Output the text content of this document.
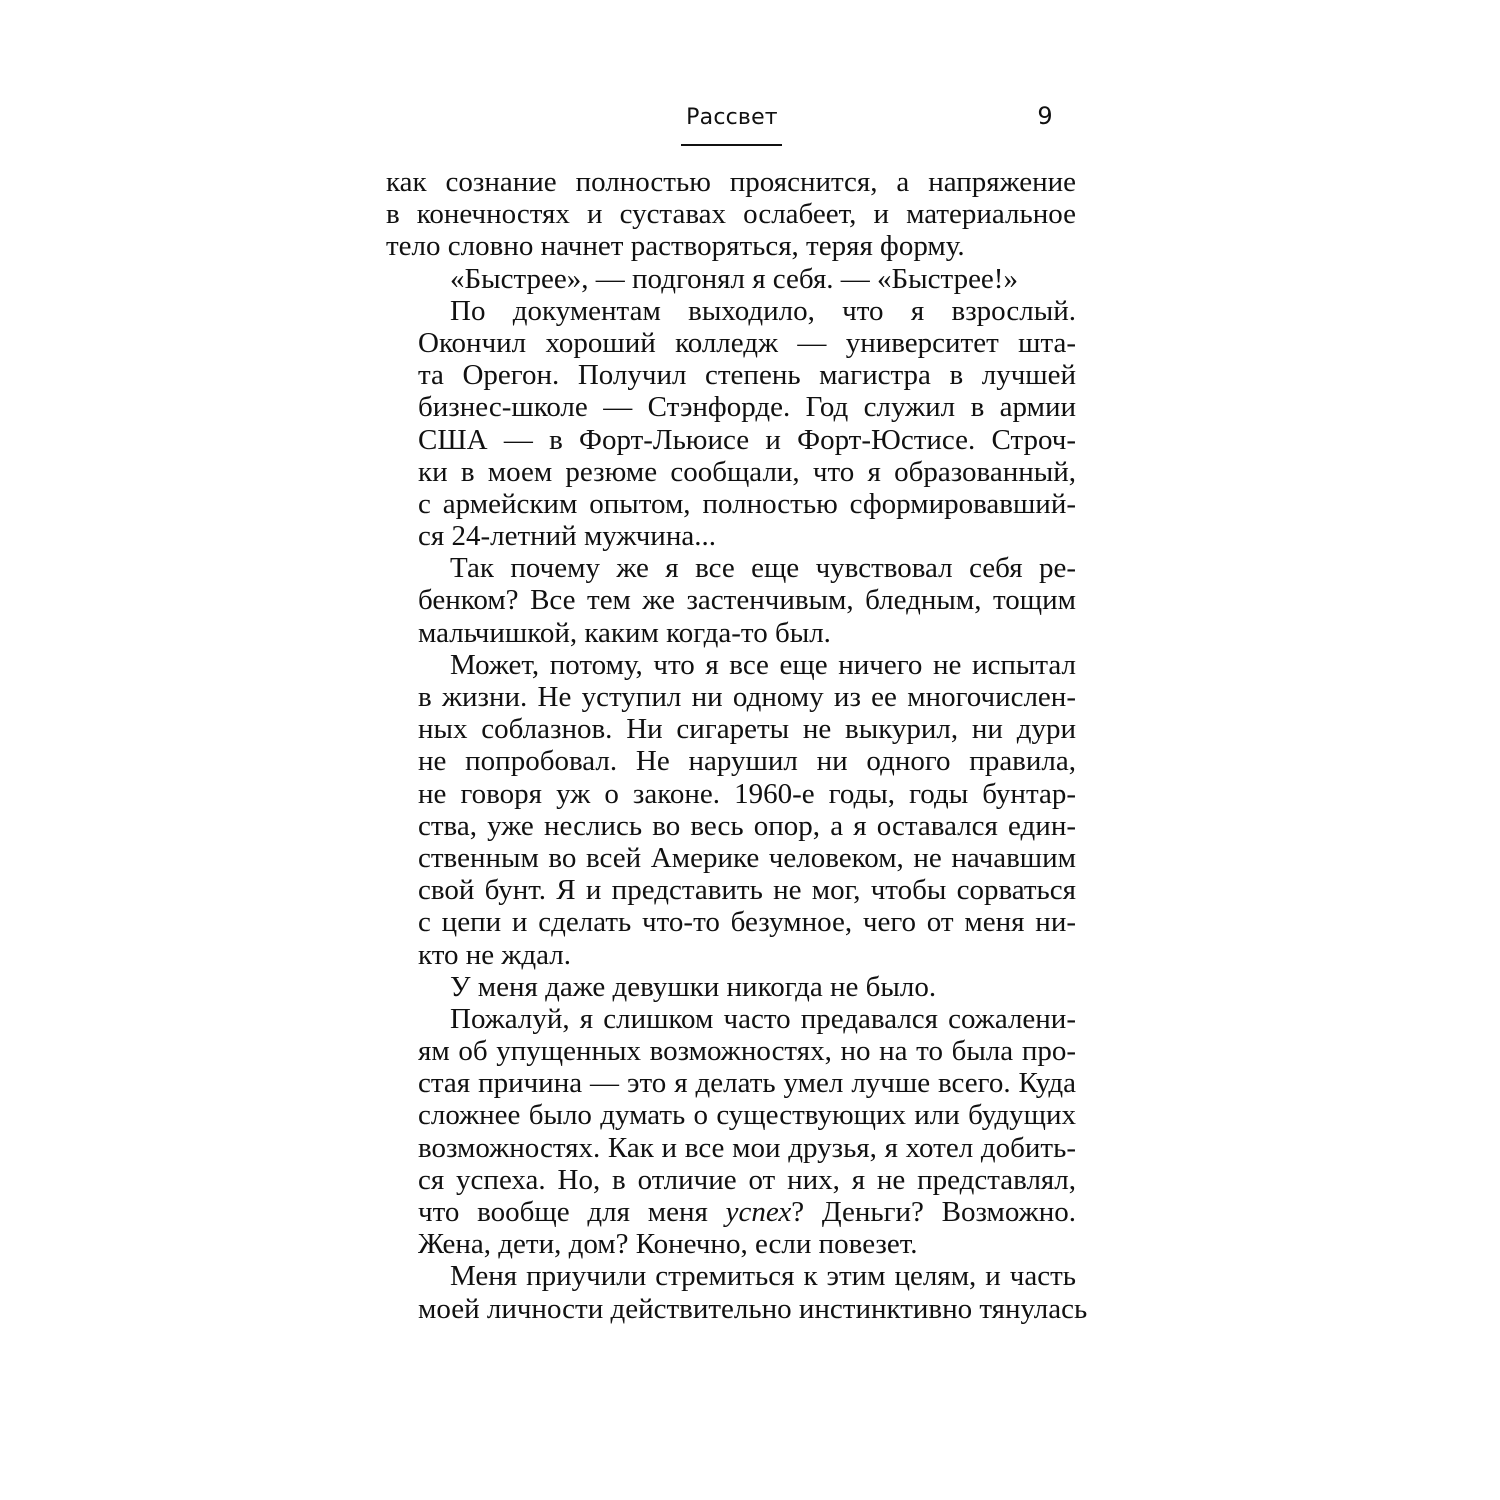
Рассвет	9
как сознание полностью прояснится, а напряжение
в конечностях и суставах ослабеет, и материальное
тело словно начнет растворяться, теряя форму.
«Быстрее», — подгонял я себя. — «Быстрее!»
По документам выходило, что я взрослый.
Окончил хороший колледж — университет шта-
та Орегон. Получил степень магистра в лучшей
бизнес-школе — Стэнфорде. Год служил в армии
США — в Форт-Льюисе и Форт-Юстисе. Строч-
ки в моем резюме сообщали, что я образованный,
с армейским опытом, полностью сформировавший-
ся 24-летний мужчина...
Так почему же я все еще чувствовал себя ре-
бенком? Все тем же застенчивым, бледным, тощим
мальчишкой, каким когда-то был.
Может, потому, что я все еще ничего не испытал
в жизни. Не уступил ни одному из ее многочислен-
ных соблазнов. Ни сигареты не выкурил, ни дури
не попробовал. Не нарушил ни одного правила,
не говоря уж о законе. 1960-е годы, годы бунтар-
ства, уже неслись во весь опор, а я оставался един-
ственным во всей Америке человеком, не начавшим
свой бунт. Я и представить не мог, чтобы сорваться
с цепи и сделать что-то безумное, чего от меня ни-
кто не ждал.
У меня даже девушки никогда не было.
Пожалуй, я слишком часто предавался сожалени-
ям об упущенных возможностях, но на то была про-
стая причина — это я делать умел лучше всего. Куда
сложнее было думать о существующих или будущих
возможностях. Как и все мои друзья, я хотел добить-
ся успеха. Но, в отличие от них, я не представлял,
что вообще для меня успех? Деньги? Возможно.
Жена, дети, дом? Конечно, если повезет.
Меня приучили стремиться к этим целям, и часть
моей личности действительно инстинктивно тянулась
